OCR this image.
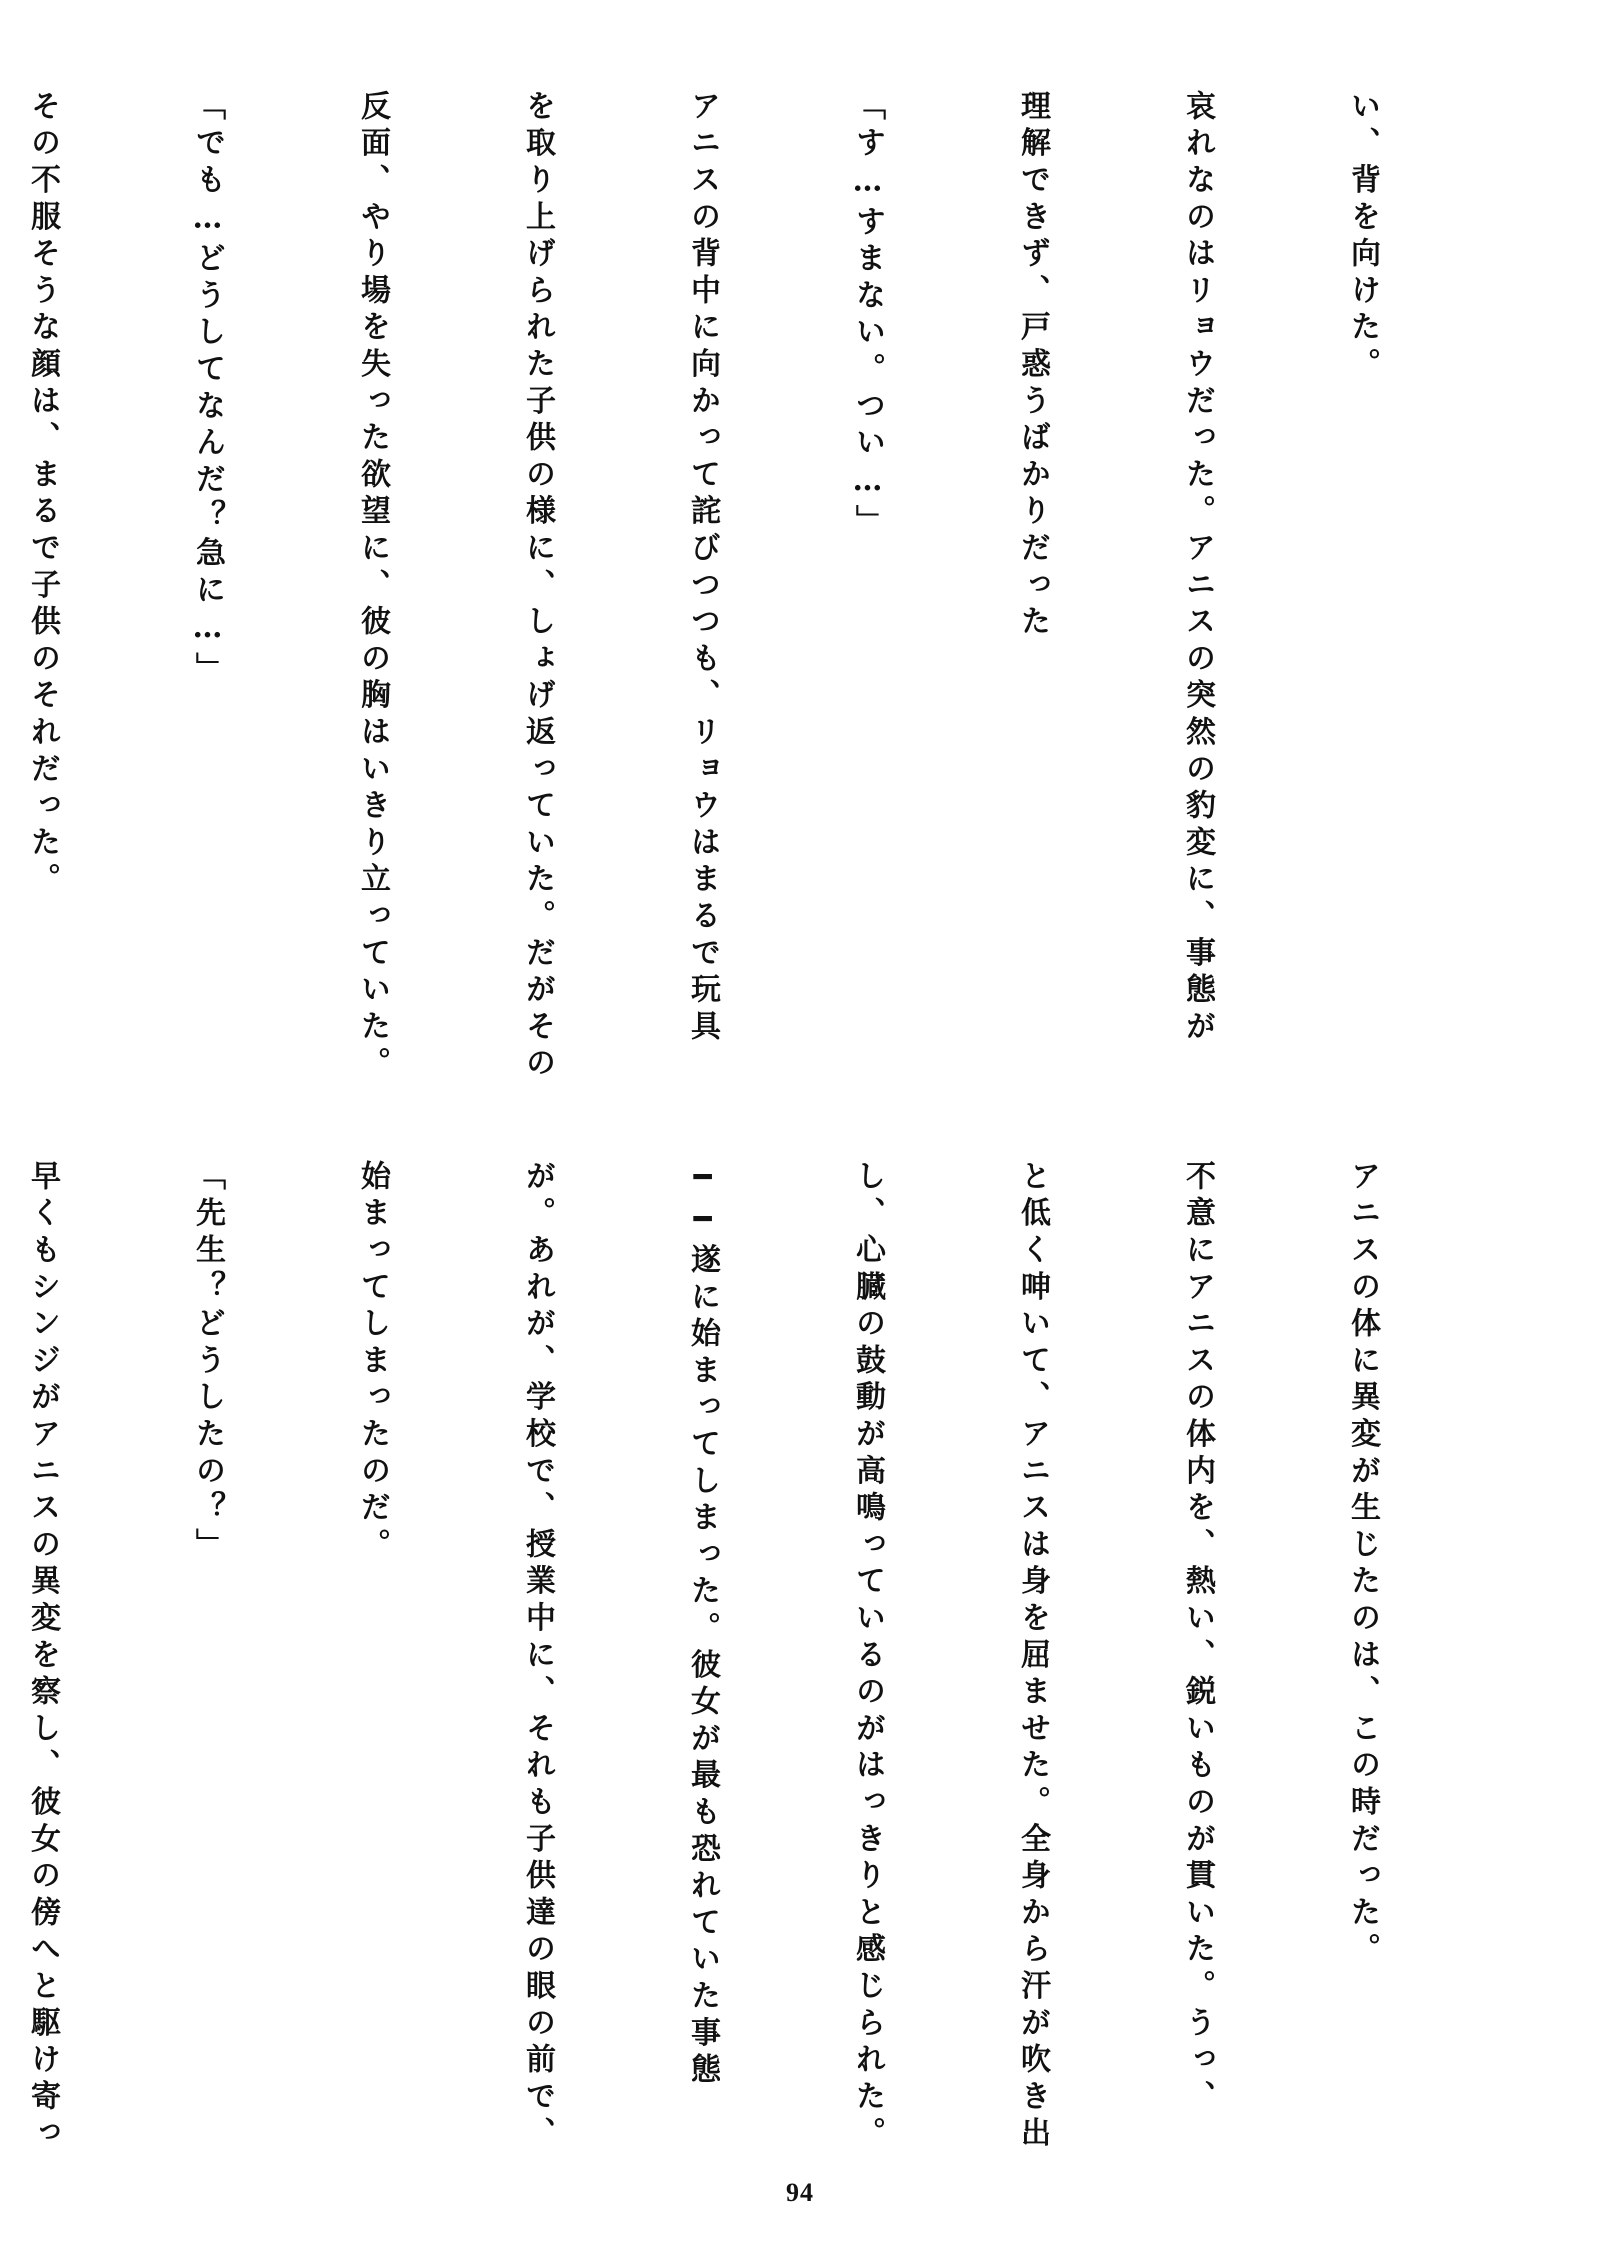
い、背を向けた。

哀れなのはリョウだった。アニスの突然の豹変に、事態が

理解できず、戸惑うばかりだった

「す…すまない。つい…」

アニスの背中に向かって詫びつつも、リョウはまるで玩具

を取り上げられた子供の様に、しょげ返っていた。だがその

反面、やり場を失った欲望に、彼の胸はいきり立っていた。

「でも…どうしてなんだ？急に…」

その不服そうな顔は、まるで子供のそれだった。

アニスの体に異変が生じたのは、この時だった。

不意にアニスの体内を、熱い、鋭いものが貫いた。うっ、

と低く呻いて、アニスは身を屈ませた。全身から汗が吹き出

し、心臓の鼓動が高鳴っているのがはっきりと感じられた。

━━遂に始まってしまった。彼女が最も恐れていた事態

が。あれが、学校で、授業中に、それも子供達の眼の前で、

始まってしまったのだ。

「先生？どうしたの？」

早くもシンジがアニスの異変を察し、彼女の傍へと駆け寄っ

94
